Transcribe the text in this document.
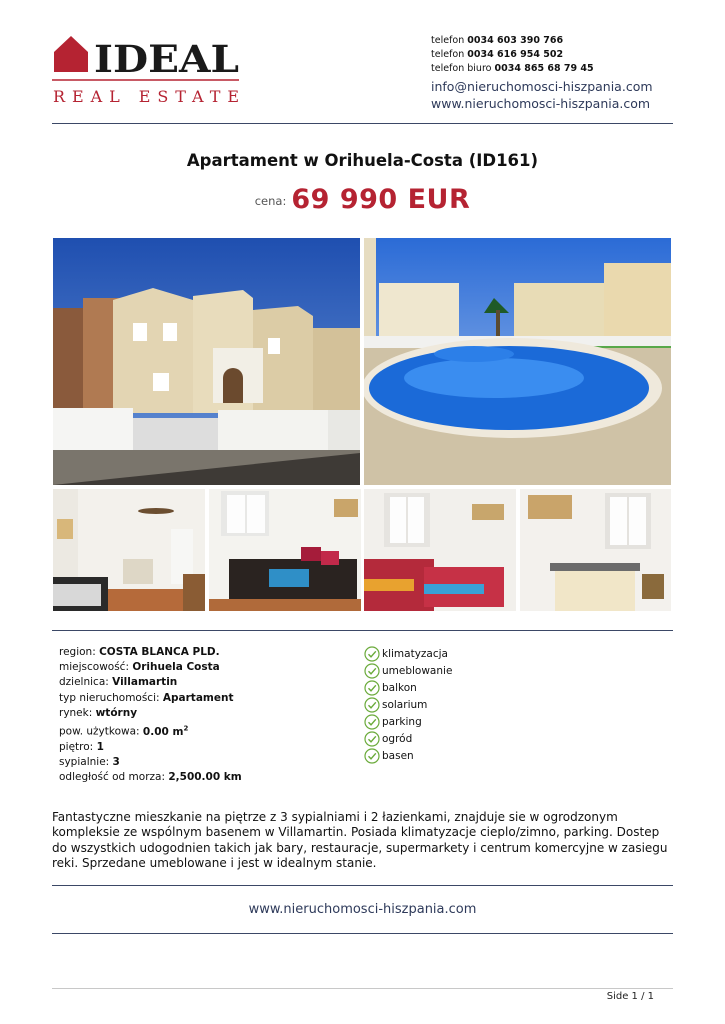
IDEAL
REAL ESTATE
telefon 0034 603 390 766
telefon 0034 616 954 502
telefon biuro 0034 865 68 79 45
info@nieruchomosci-hiszpania.com
www.nieruchomosci-hiszpania.com
Apartament w Orihuela-Costa (ID161)
cena: 69 990 EUR
region: COSTA BLANCA PLD.
miejscowość: Orihuela Costa
dzielnica: Villamartin
typ nieruchomości: Apartament
rynek: wtórny
pow. użytkowa: 0.00 $m^2$
piętro: 1
sypialnie: 3
odległość od morza: 2,500.00 km
klimatyzacja
umeblowanie
balkon
solarium
parking
ogród
basen
Fantastyczne mieszkanie na piętrze z 3 sypialniami i 2 łazienkami, znajduje sie w ogrodzonym kompleksie ze wspólnym basenem w Villamartin. Posiada klimatyzacje cieplo/zimno, parking. Dostep do wszystkich udogodnien takich jak bary, restauracje, supermarkety i centrum komercyjne w zasiegu reki. Sprzedane umeblowane i jest w idealnym stanie.
www.nieruchomosci-hiszpania.com
Side 1 / 1
